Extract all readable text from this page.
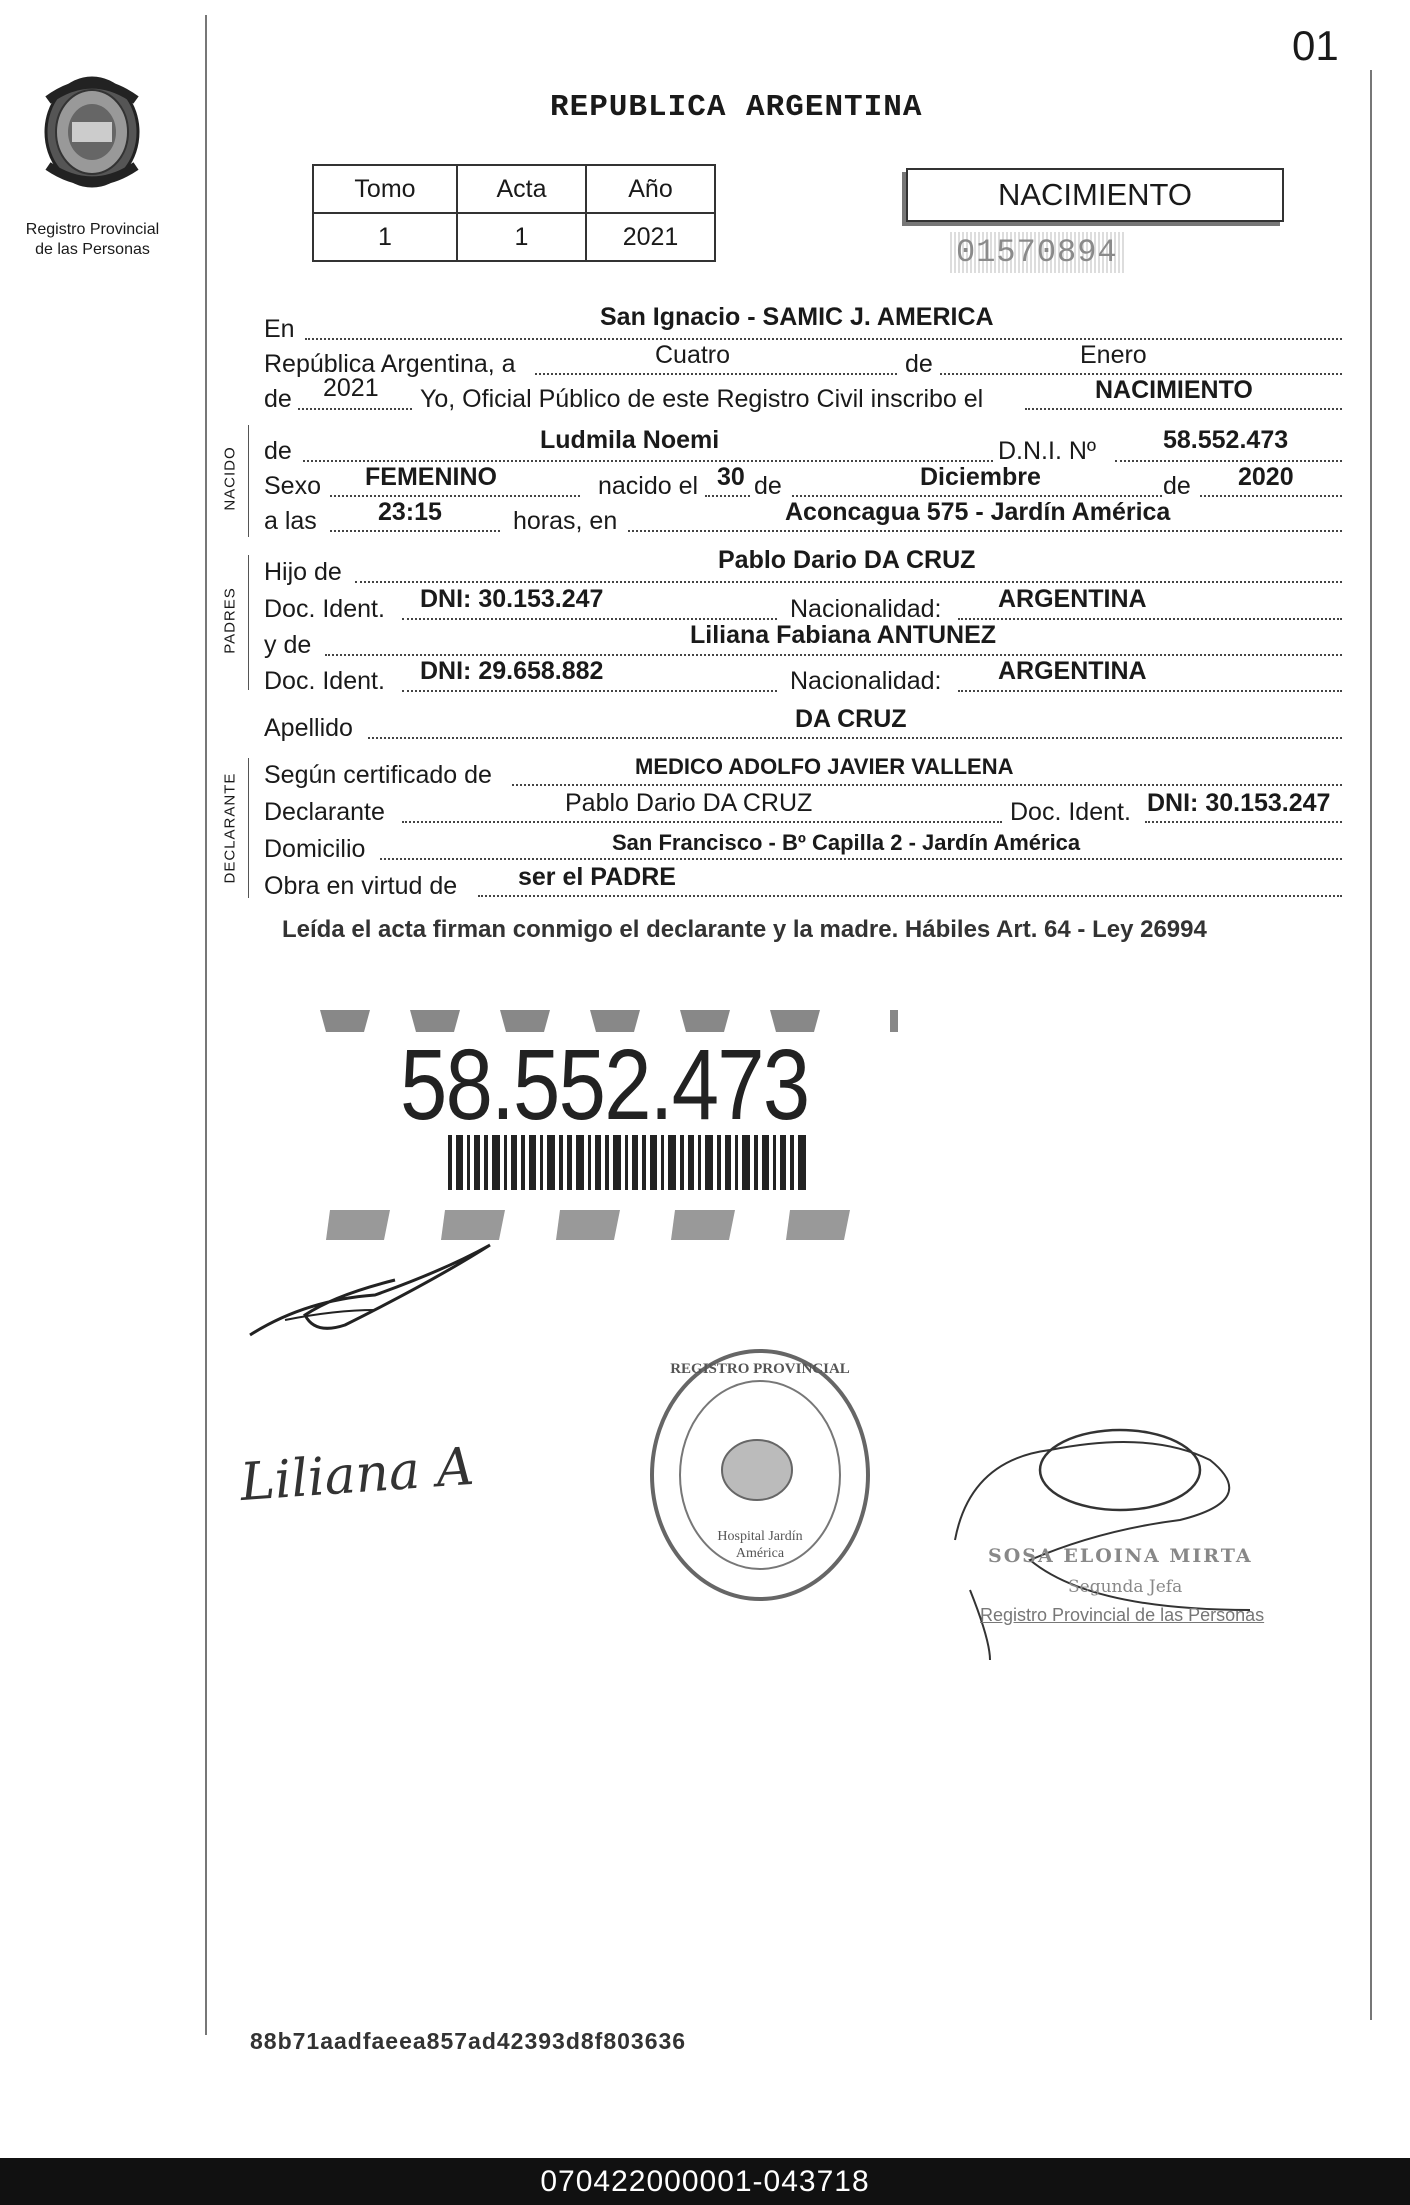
01
Registro Provincial
de las Personas
REPUBLICA ARGENTINA
Tomo	Acta	Año
1	1	2021
NACIMIENTO
01570894
En	San Ignacio - SAMIC J. AMERICA
República Argentina, a	Cuatro	de	Enero
de 2021 Yo, Oficial Público de este Registro Civil inscribo el	NACIMIENTO
NACIDO de	Ludmila Noemi	D.N.I. Nº	58.552.473
Sexo FEMENINO	nacido el 30 de	Diciembre	de 2020
a las 23:15	horas, en	Aconcagua 575 - Jardín América
PADRES
Hijo de	Pablo Dario DA CRUZ
Doc. Ident. DNI: 30.153.247	Nacionalidad: ARGENTINA
y de	Liliana Fabiana ANTUNEZ
Doc. Ident. DNI: 29.658.882	Nacionalidad: ARGENTINA
Apellido	DA CRUZ
DECLARANTE Según certificado de	MEDICO ADOLFO JAVIER VALLENA
Declarante	Pablo Dario DA CRUZ	Doc. Ident. DNI: 30.153.247
Domicilio	San Francisco - Bº Capilla 2 - Jardín América
Obra en virtud de ser el PADRE
Leída el acta firman conmigo el declarante y la madre. Hábiles Art. 64 - Ley 26994
58.552.473
REGISTRO PROVINCIAL
Hospital Jardín
América
Liliana A
SOSA ELOINA MIRTA
Segunda Jefa
Registro Provincial de las Personas
88b71aadfaeea857ad42393d8f803636
070422000001-043718
